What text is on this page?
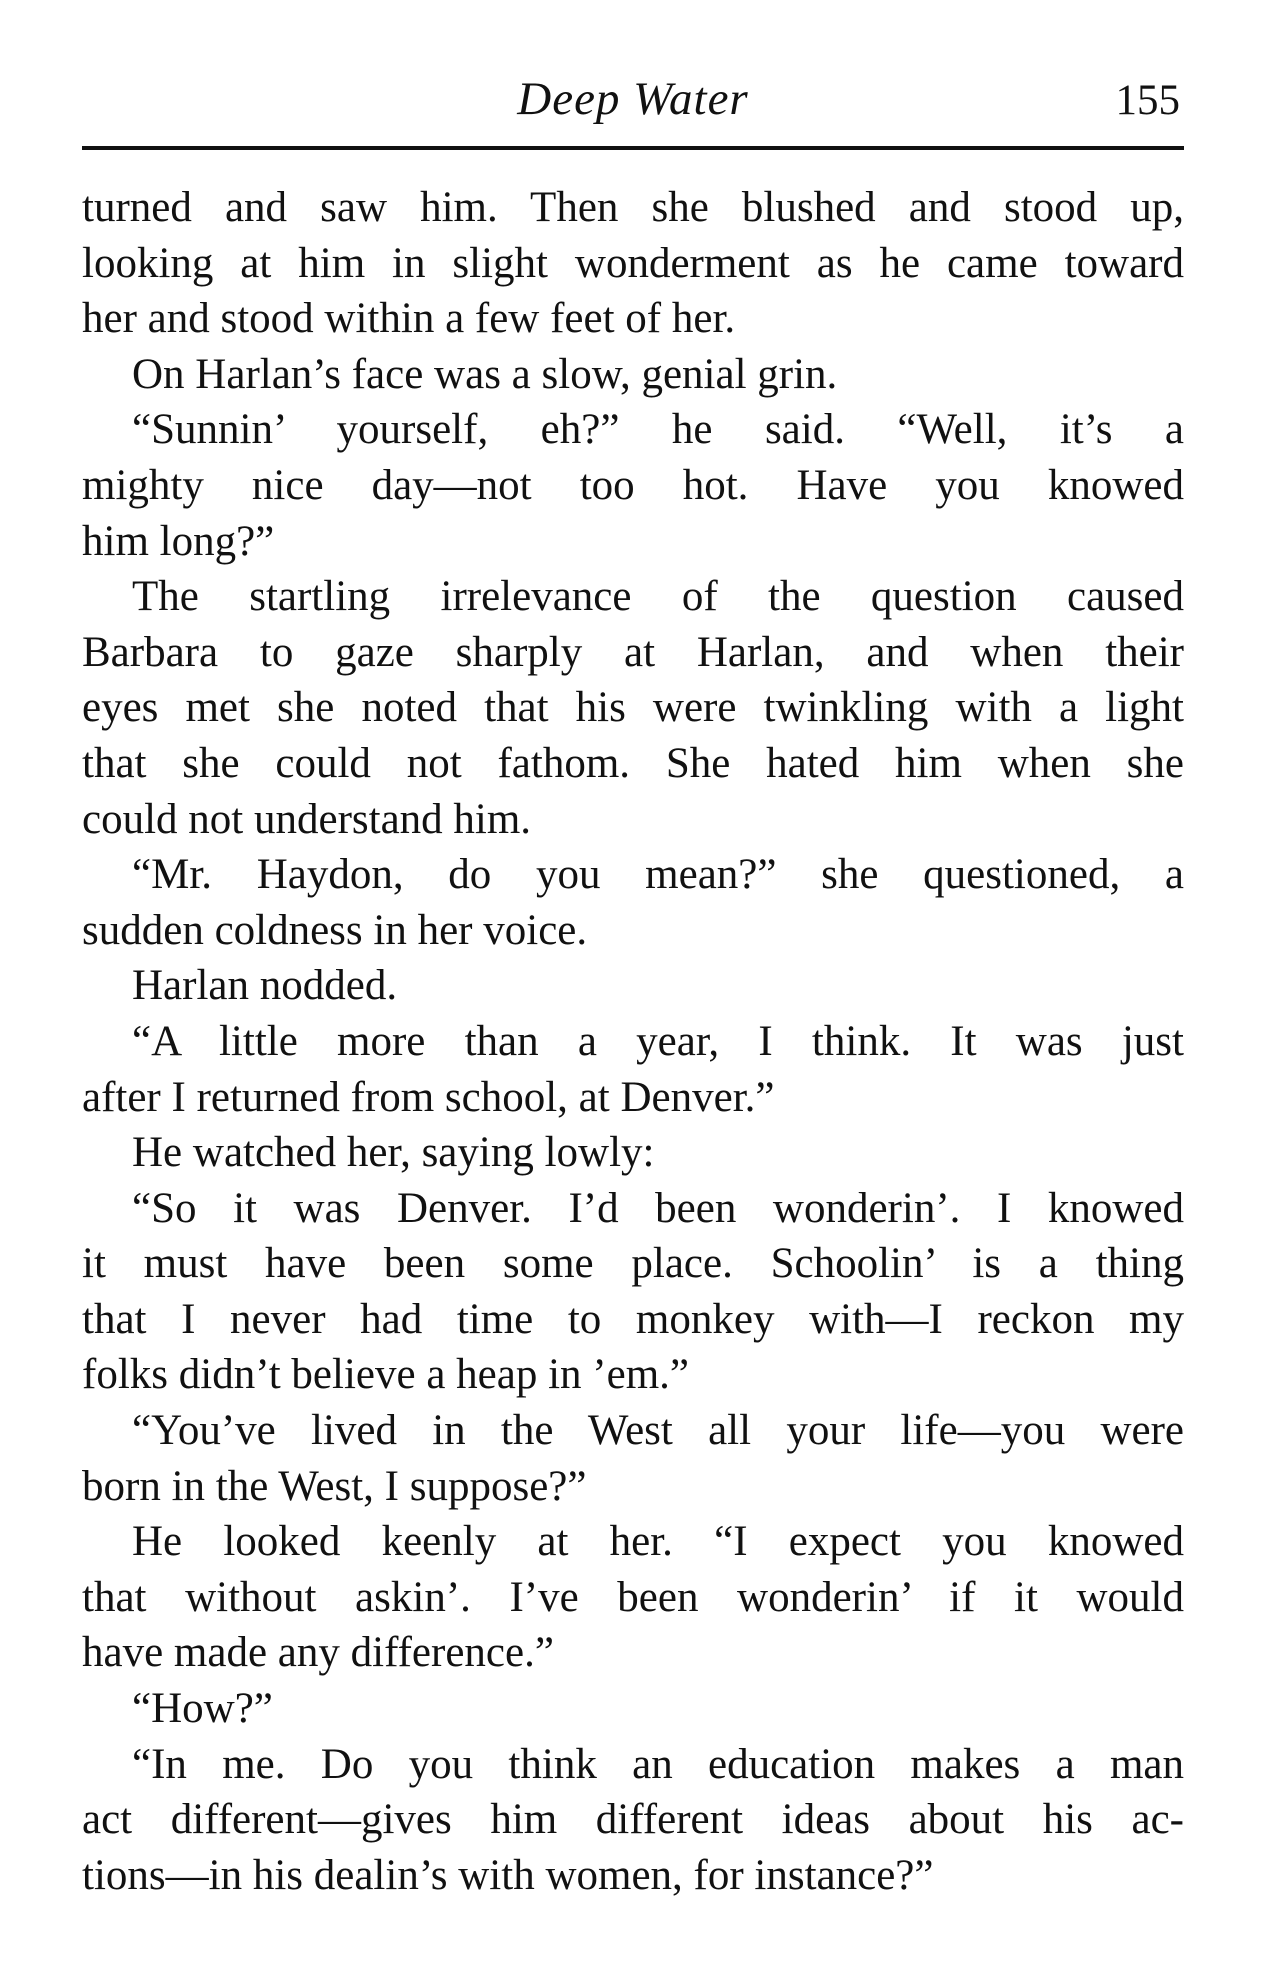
Deep Water	155
turned and saw him. Then she blushed and stood up,
looking at him in slight wonderment as he came toward
her and stood within a few feet of her.
On Harlan’s face was a slow, genial grin.
“Sunnin’ yourself, eh?” he said. “Well, it’s a
mighty nice day—not too hot. Have you knowed
him long?”
The startling irrelevance of the question caused
Barbara to gaze sharply at Harlan, and when their
eyes met she noted that his were twinkling with a light
that she could not fathom. She hated him when she
could not understand him.
“Mr. Haydon, do you mean?” she questioned, a
sudden coldness in her voice.
Harlan nodded.
“A little more than a year, I think. It was just
after I returned from school, at Denver.”
He watched her, saying lowly:
“So it was Denver. I’d been wonderin’. I knowed
it must have been some place. Schoolin’ is a thing
that I never had time to monkey with—I reckon my
folks didn’t believe a heap in ’em.”
“You’ve lived in the West all your life—you were
born in the West, I suppose?”
He looked keenly at her. “I expect you knowed
that without askin’. I’ve been wonderin’ if it would
have made any difference.”
“How?”
“In me. Do you think an education makes a man
act different—gives him different ideas about his ac-
tions—in his dealin’s with women, for instance?”
